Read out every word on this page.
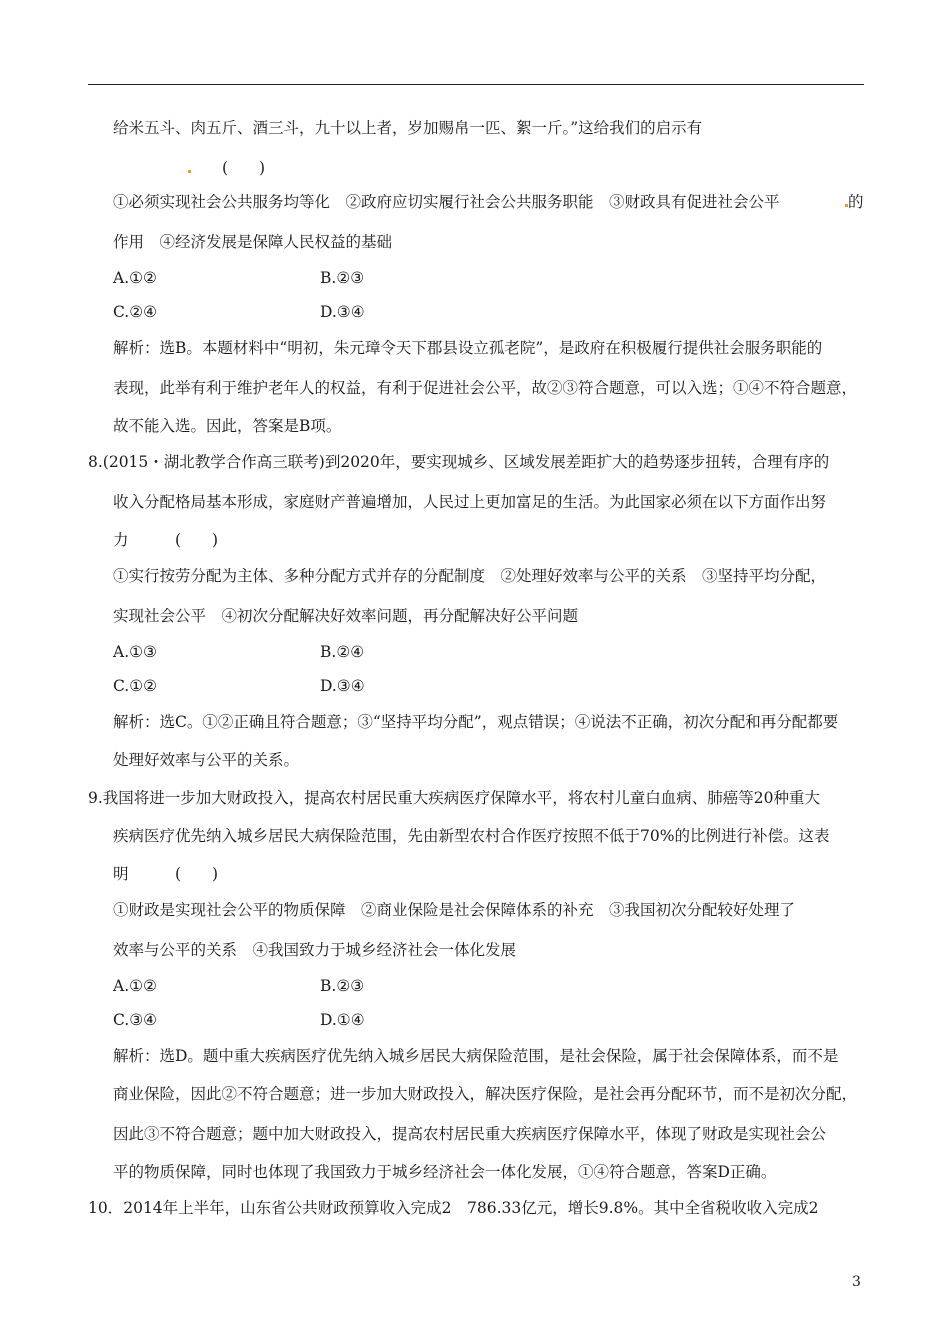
给米五斗、肉五斤、酒三斗，九十以上者，岁加赐帛一匹、絮一斤。”这给我们的启示有
(　　)
①必须实现社会公共服务均等化　②政府应切实履行社会公共服务职能　③财政具有促进社会公平	的
作用　④经济发展是保障人民权益的基础
A.①②	B.②③
C.②④	D.③④
解析：选B。本题材料中“明初，朱元璋令天下郡县设立孤老院”，是政府在积极履行提供社会服务职能的
表现，此举有利于维护老年人的权益，有利于促进社会公平，故②③符合题意，可以入选；①④不符合题意，
故不能入选。因此，答案是B项。
8.(2015・湖北教学合作高三联考)到2020年，要实现城乡、区域发展差距扩大的趋势逐步扭转，合理有序的
收入分配格局基本形成，家庭财产普遍增加，人民过上更加富足的生活。为此国家必须在以下方面作出努
力　　　(　　)
①实行按劳分配为主体、多种分配方式并存的分配制度　②处理好效率与公平的关系　③坚持平均分配，
实现社会公平　④初次分配解决好效率问题，再分配解决好公平问题
A.①③	B.②④
C.①②	D.③④
解析：选C。①②正确且符合题意；③“坚持平均分配”，观点错误；④说法不正确，初次分配和再分配都要
处理好效率与公平的关系。
9.我国将进一步加大财政投入，提高农村居民重大疾病医疗保障水平，将农村儿童白血病、肺癌等20种重大
疾病医疗优先纳入城乡居民大病保险范围，先由新型农村合作医疗按照不低于70%的比例进行补偿。这表
明　　　(　　)
①财政是实现社会公平的物质保障　②商业保险是社会保障体系的补充　③我国初次分配较好处理了
效率与公平的关系　④我国致力于城乡经济社会一体化发展
A.①②	B.②③
C.③④	D.①④
解析：选D。题中重大疾病医疗优先纳入城乡居民大病保险范围，是社会保险，属于社会保障体系，而不是
商业保险，因此②不符合题意；进一步加大财政投入，解决医疗保险，是社会再分配环节，而不是初次分配，
因此③不符合题意；题中加大财政投入，提高农村居民重大疾病医疗保障水平，体现了财政是实现社会公
平的物质保障，同时也体现了我国致力于城乡经济社会一体化发展，①④符合题意，答案D正确。
10．2014年上半年，山东省公共财政预算收入完成2　786.33亿元，增长9.8%。其中全省税收收入完成2
3
